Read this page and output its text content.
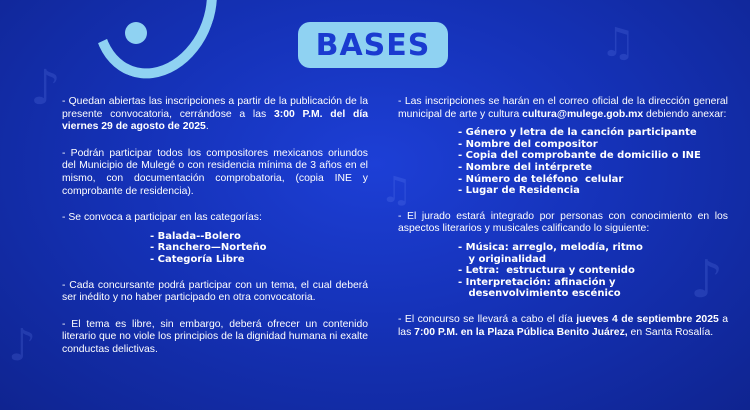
♪
♫
♪
♫
♪
BASES

- Quedan abiertas las inscripciones a partir de la publicación de la presente convocatoria, cerrándose a las 3:00 P.M. del día viernes 29 de agosto de 2025.

- Podrán participar todos los compositores mexicanos oriundos del Municipio de Mulegé o con residencia mínima de 3 años en el mismo, con documentación comprobatoria, (copia INE y comprobante de residencia).

- Se convoca a participar en las categorías:

- Balada--Bolero
- Ranchero—Norteño
- Categoría Libre

- Cada concursante podrá participar con un tema, el cual deberá ser inédito y no haber participado en otra convocatoria.

- El tema es libre, sin embargo, deberá ofrecer un contenido literario que no viole los principios de la dignidad humana ni exalte conductas delictivas.

- Las inscripciones se harán en el correo oficial de la dirección general municipal de arte y cultura cultura@mulege.gob.mx debiendo anexar:

- Género y letra de la canción participante
- Nombre del compositor
- Copia del comprobante de domicilio o INE
- Nombre del intérprete
- Número de teléfono  celular
- Lugar de Residencia

- El jurado estará integrado por personas con conocimiento en los aspectos literarios y musicales calificando lo siguiente:

- Música: arreglo, melodía, ritmo
y originalidad
- Letra:  estructura y contenido
- Interpretación: afinación y
desenvolvimiento escénico

- El concurso se llevará a cabo el día jueves 4 de septiembre 2025 a las 7:00 P.M. en la Plaza Pública Benito Juárez, en Santa Rosalía.
